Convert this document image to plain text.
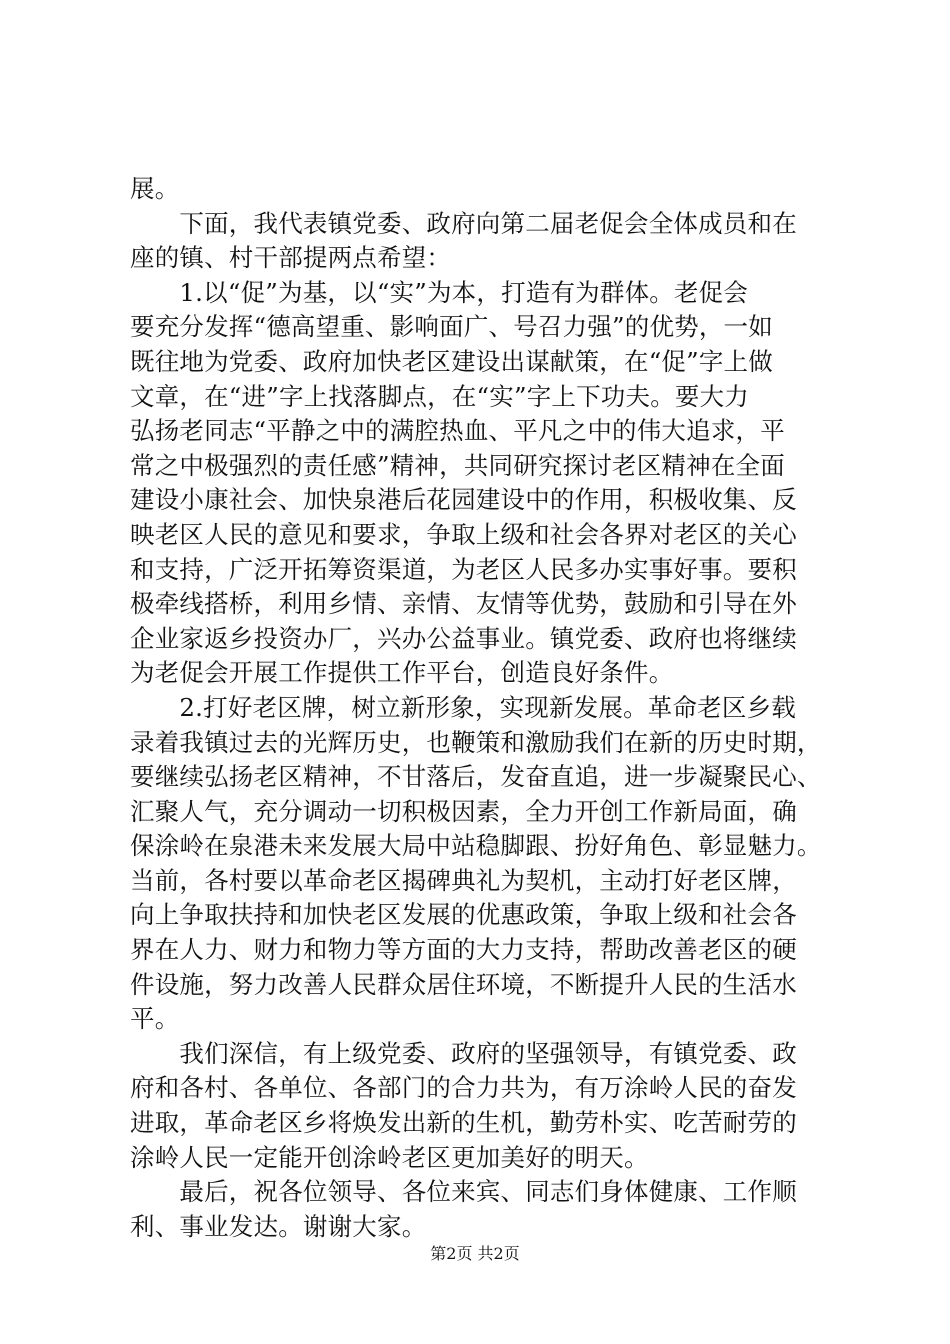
展。
　　下面，我代表镇党委、政府向第二届老促会全体成员和在
座的镇、村干部提两点希望：
　　1.以“促”为基，以“实”为本，打造有为群体。老促会
要充分发挥“德高望重、影响面广、号召力强”的优势，一如
既往地为党委、政府加快老区建设出谋献策，在“促”字上做
文章，在“进”字上找落脚点，在“实”字上下功夫。要大力
弘扬老同志“平静之中的满腔热血、平凡之中的伟大追求，平
常之中极强烈的责任感”精神，共同研究探讨老区精神在全面
建设小康社会、加快泉港后花园建设中的作用，积极收集、反
映老区人民的意见和要求，争取上级和社会各界对老区的关心
和支持，广泛开拓筹资渠道，为老区人民多办实事好事。要积
极牵线搭桥，利用乡情、亲情、友情等优势，鼓励和引导在外
企业家返乡投资办厂，兴办公益事业。镇党委、政府也将继续
为老促会开展工作提供工作平台，创造良好条件。
　　2.打好老区牌，树立新形象，实现新发展。革命老区乡载
录着我镇过去的光辉历史，也鞭策和激励我们在新的历史时期，
要继续弘扬老区精神，不甘落后，发奋直追，进一步凝聚民心、
汇聚人气，充分调动一切积极因素，全力开创工作新局面，确
保涂岭在泉港未来发展大局中站稳脚跟、扮好角色、彰显魅力。
当前，各村要以革命老区揭碑典礼为契机，主动打好老区牌，
向上争取扶持和加快老区发展的优惠政策，争取上级和社会各
界在人力、财力和物力等方面的大力支持，帮助改善老区的硬
件设施，努力改善人民群众居住环境，不断提升人民的生活水
平。
　　我们深信，有上级党委、政府的坚强领导，有镇党委、政
府和各村、各单位、各部门的合力共为，有万涂岭人民的奋发
进取，革命老区乡将焕发出新的生机，勤劳朴实、吃苦耐劳的
涂岭人民一定能开创涂岭老区更加美好的明天。
　　最后，祝各位领导、各位来宾、同志们身体健康、工作顺
利、事业发达。谢谢大家。
第2页 共2页
